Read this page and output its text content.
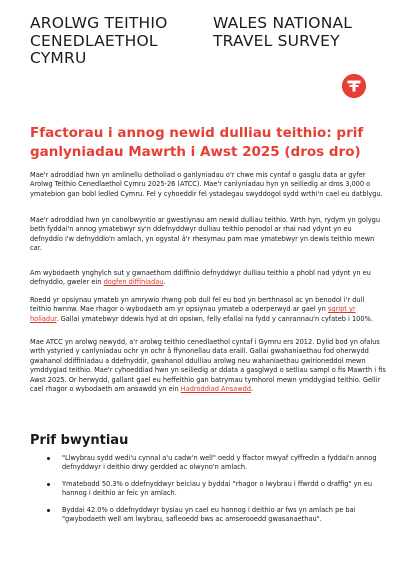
AROLWG TEITHIO
CENEDLAETHOL
CYMRU
WALES NATIONAL
TRAVEL SURVEY
Ffactorau i annog newid dulliau teithio: prif ganlyniadau Mawrth i Awst 2025 (dros dro)

Mae'r adroddiad hwn yn amlinellu detholiad o ganlyniadau o'r chwe mis cyntaf o gasglu data ar gyfer Arolwg Teithio Cenedlaethol Cymru 2025-26 (ATCC). Mae'r canlyniadau hyn yn seiliedig ar dros 3,000 o ymatebion gan bobl ledled Cymru. Fel y cyhoeddir fel ystadegau swyddogol sydd wrthi'n cael eu datblygu.

Mae'r adroddiad hwn yn canolbwyntio ar gwestiynau am newid dulliau teithio. Wrth hyn, rydym yn golygu beth fyddai'n annog ymatebwyr sy'n ddefnyddwyr dulliau teithio penodol ar rhai nad ydynt yn eu defnyddio i'w defnyddio'n amlach, yn ogystal â'r rhesymau pam mae ymatebwyr yn dewis teithio mewn car.

Am wybodaeth ynghylch sut y gwnaethom ddiffinio defnyddwyr dulliau teithio a phobl nad ydynt yn eu defnyddio, gweler ein dogfen diffiniadau.

Roedd yr opsiynau ymateb yn amrywio rhwng pob dull fel eu bod yn berthnasol ac yn benodol i'r dull teithio hwnnw. Mae rhagor o wybodaeth am yr opsiynau ymateb a oderperwyd ar gael yn sgript yr holiadur. Gallai ymatebwyr ddewis hyd at dri opsiwn, felly efallai na fydd y canrannau'n cyfateb i 100%.

Mae ATCC yn arolwg newydd, a'r arolwg teithio cenedlaethol cyntaf i Gymru ers 2012. Dylid bod yn ofalus wrth ystyried y canlyniadau ochr yn ochr â ffynonellau data eraill. Gallai gwahaniaethau fod oherwydd gwahanol ddiffiniadau a ddefnyddir, gwahanol ddulliau arolwg neu wahaniaethau gwirioneddol mewn ymddygiad teithio. Mae'r cyhoeddiad hwn yn seiliedig ar ddata a gasglwyd o setliau sampl o fis Mawrth i fis Awst 2025. Or herwydd, gallant gael eu heffeithio gan batrymau tymhorol mewn ymddygiad teithio. Gellir cael rhagor o wybodaeth am ansawdd yn ein Hadroddiad Ansawdd.

Prif bwyntiau
"Llwybrau sydd wedi'u cynnal a'u cadw'n well" oedd y ffactor mwyaf cyffredin a fyddai'n annog defnyddwyr i deithio drwy gerdded ac olwyno'n amlach.
Ymatebodd 50.3% o ddefnyddwyr beiciau y byddai "rhagor o lwybrau i ffwrdd o draffig" yn eu hannog i deithio ar feic yn amlach.
Byddai 42.0% o ddefnyddwyr bysiau yn cael eu hannog i deithio ar fws yn amlach pe bai "gwybodaeth well am lwybrau, safleoedd bws ac amserooedd gwasanaethau".
